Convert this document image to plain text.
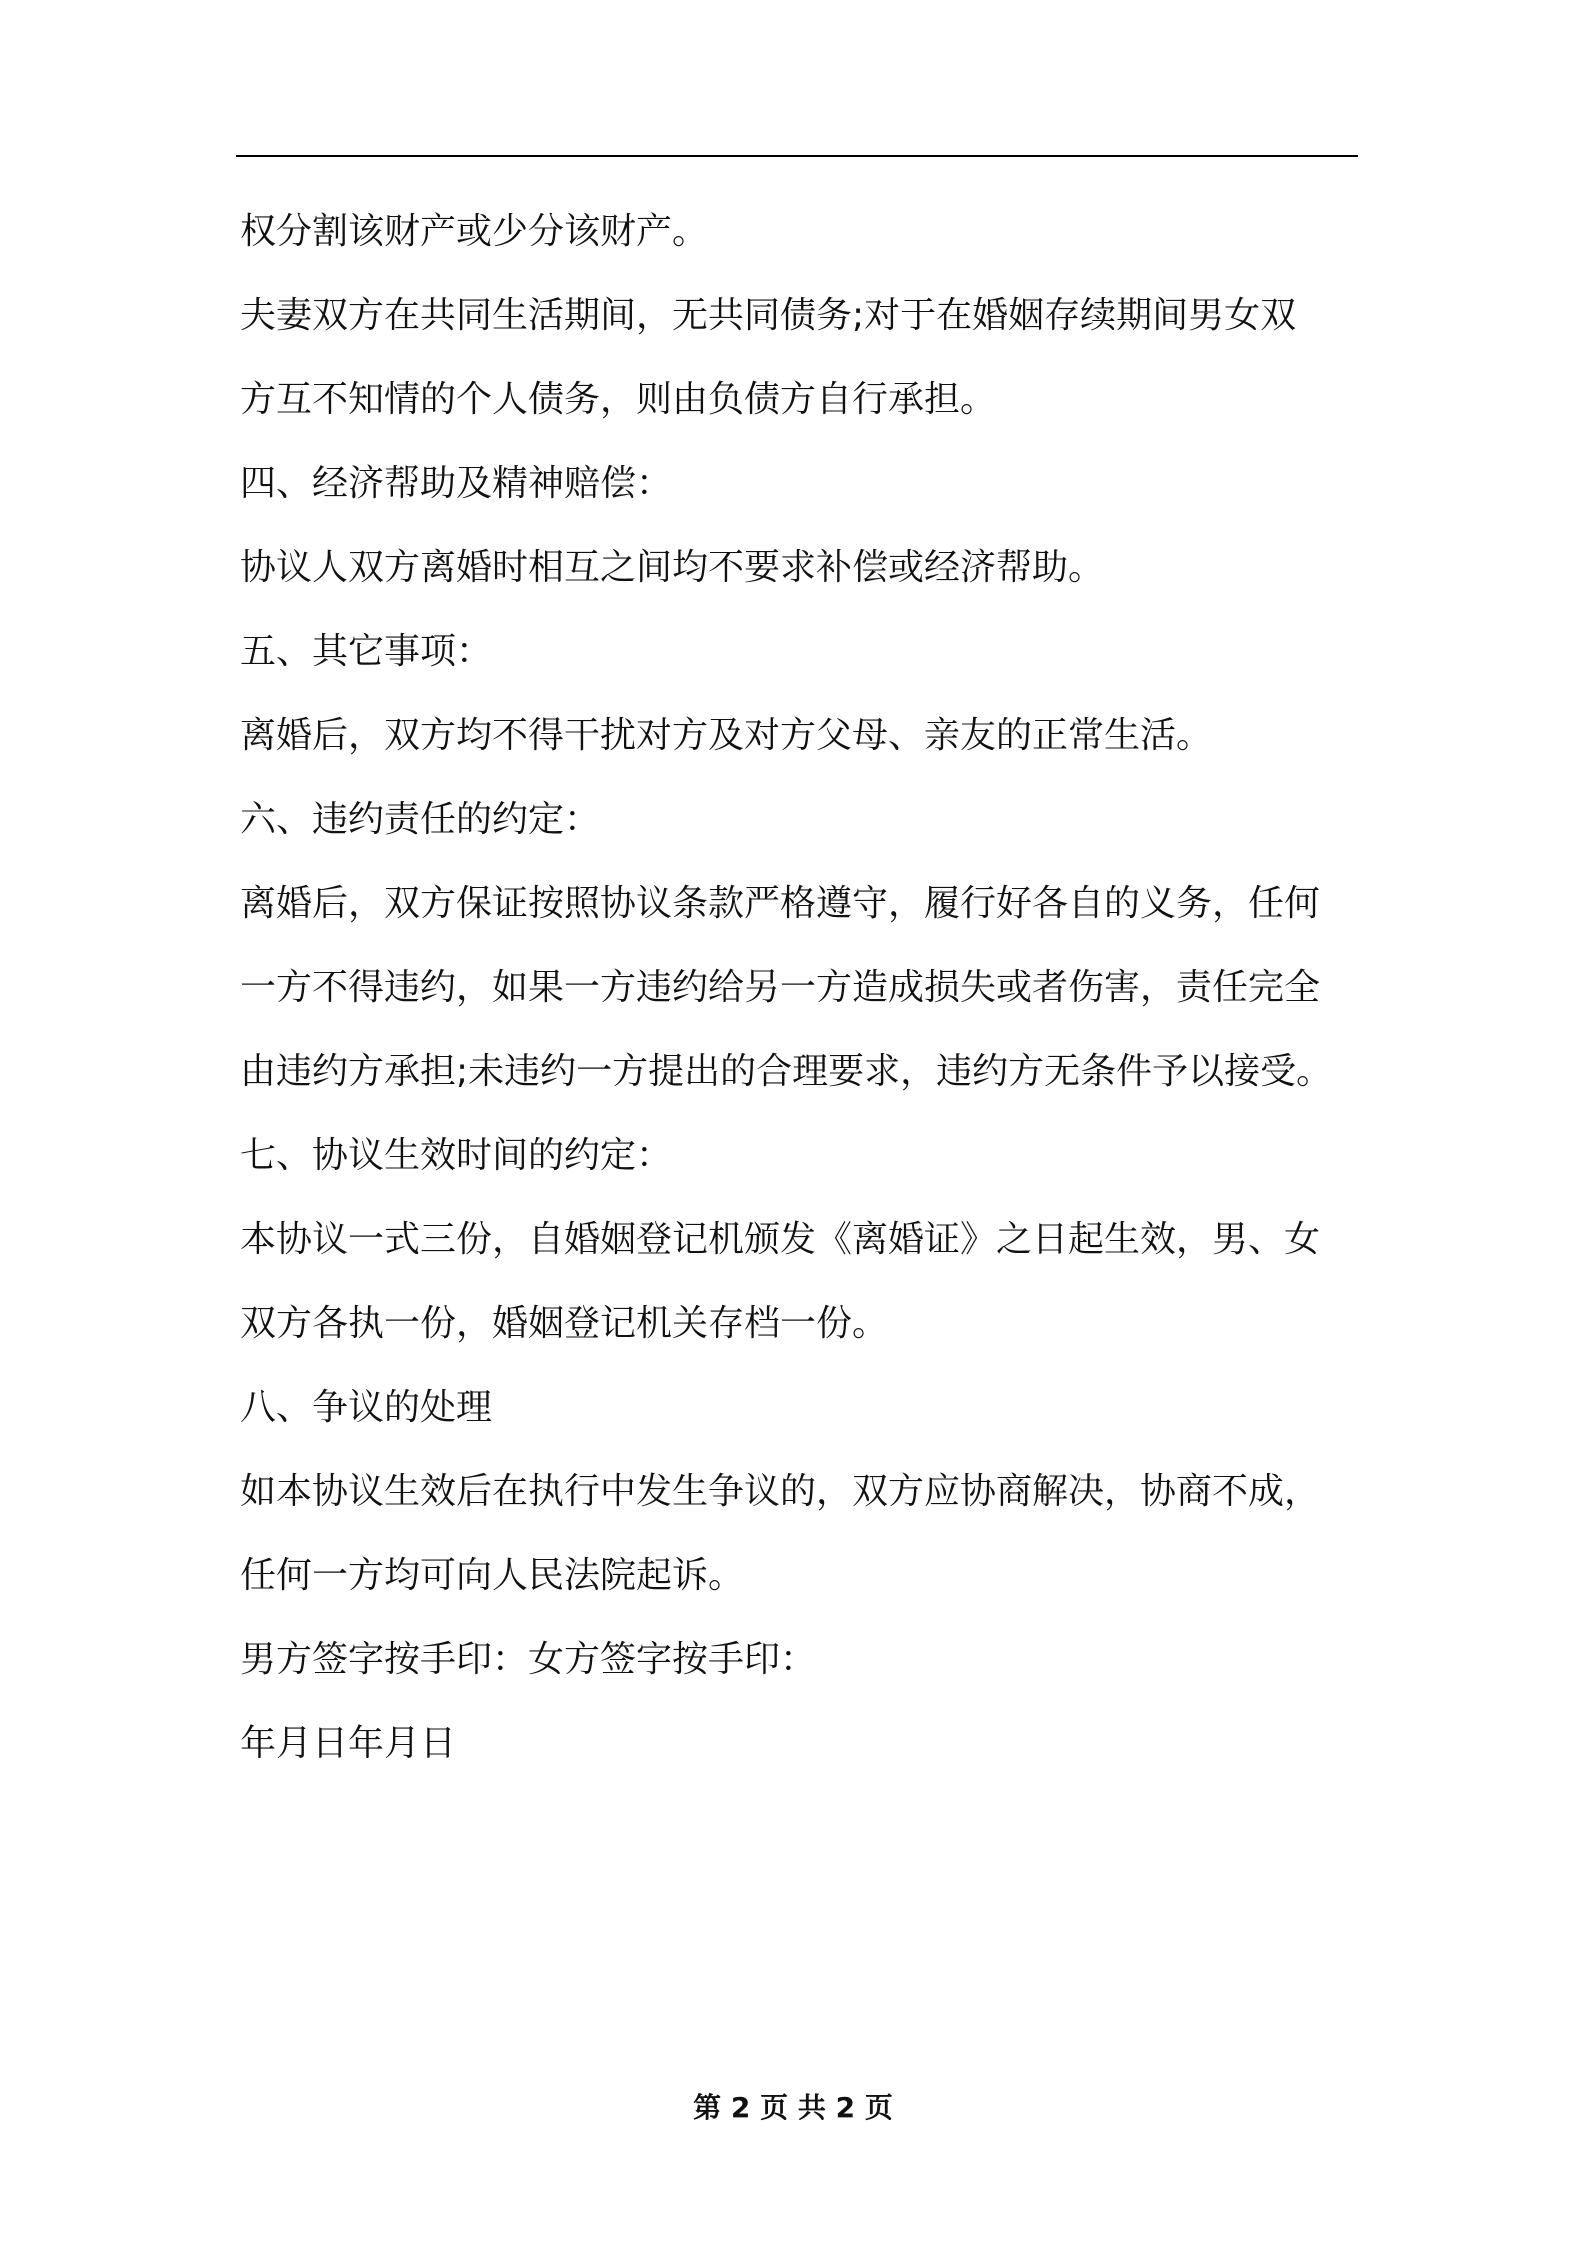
权分割该财产或少分该财产。
夫妻双方在共同生活期间，无共同债务;对于在婚姻存续期间男女双
方互不知情的个人债务，则由负债方自行承担。
四、经济帮助及精神赔偿：
协议人双方离婚时相互之间均不要求补偿或经济帮助。
五、其它事项：
离婚后，双方均不得干扰对方及对方父母、亲友的正常生活。
六、违约责任的约定：
离婚后，双方保证按照协议条款严格遵守，履行好各自的义务，任何
一方不得违约，如果一方违约给另一方造成损失或者伤害，责任完全
由违约方承担;未违约一方提出的合理要求，违约方无条件予以接受。
七、协议生效时间的约定：
本协议一式三份，自婚姻登记机颁发《离婚证》之日起生效，男、女
双方各执一份，婚姻登记机关存档一份。
八、争议的处理
如本协议生效后在执行中发生争议的，双方应协商解决，协商不成，
任何一方均可向人民法院起诉。
男方签字按手印：女方签字按手印：
年月日年月日
第 2 页 共 2 页
